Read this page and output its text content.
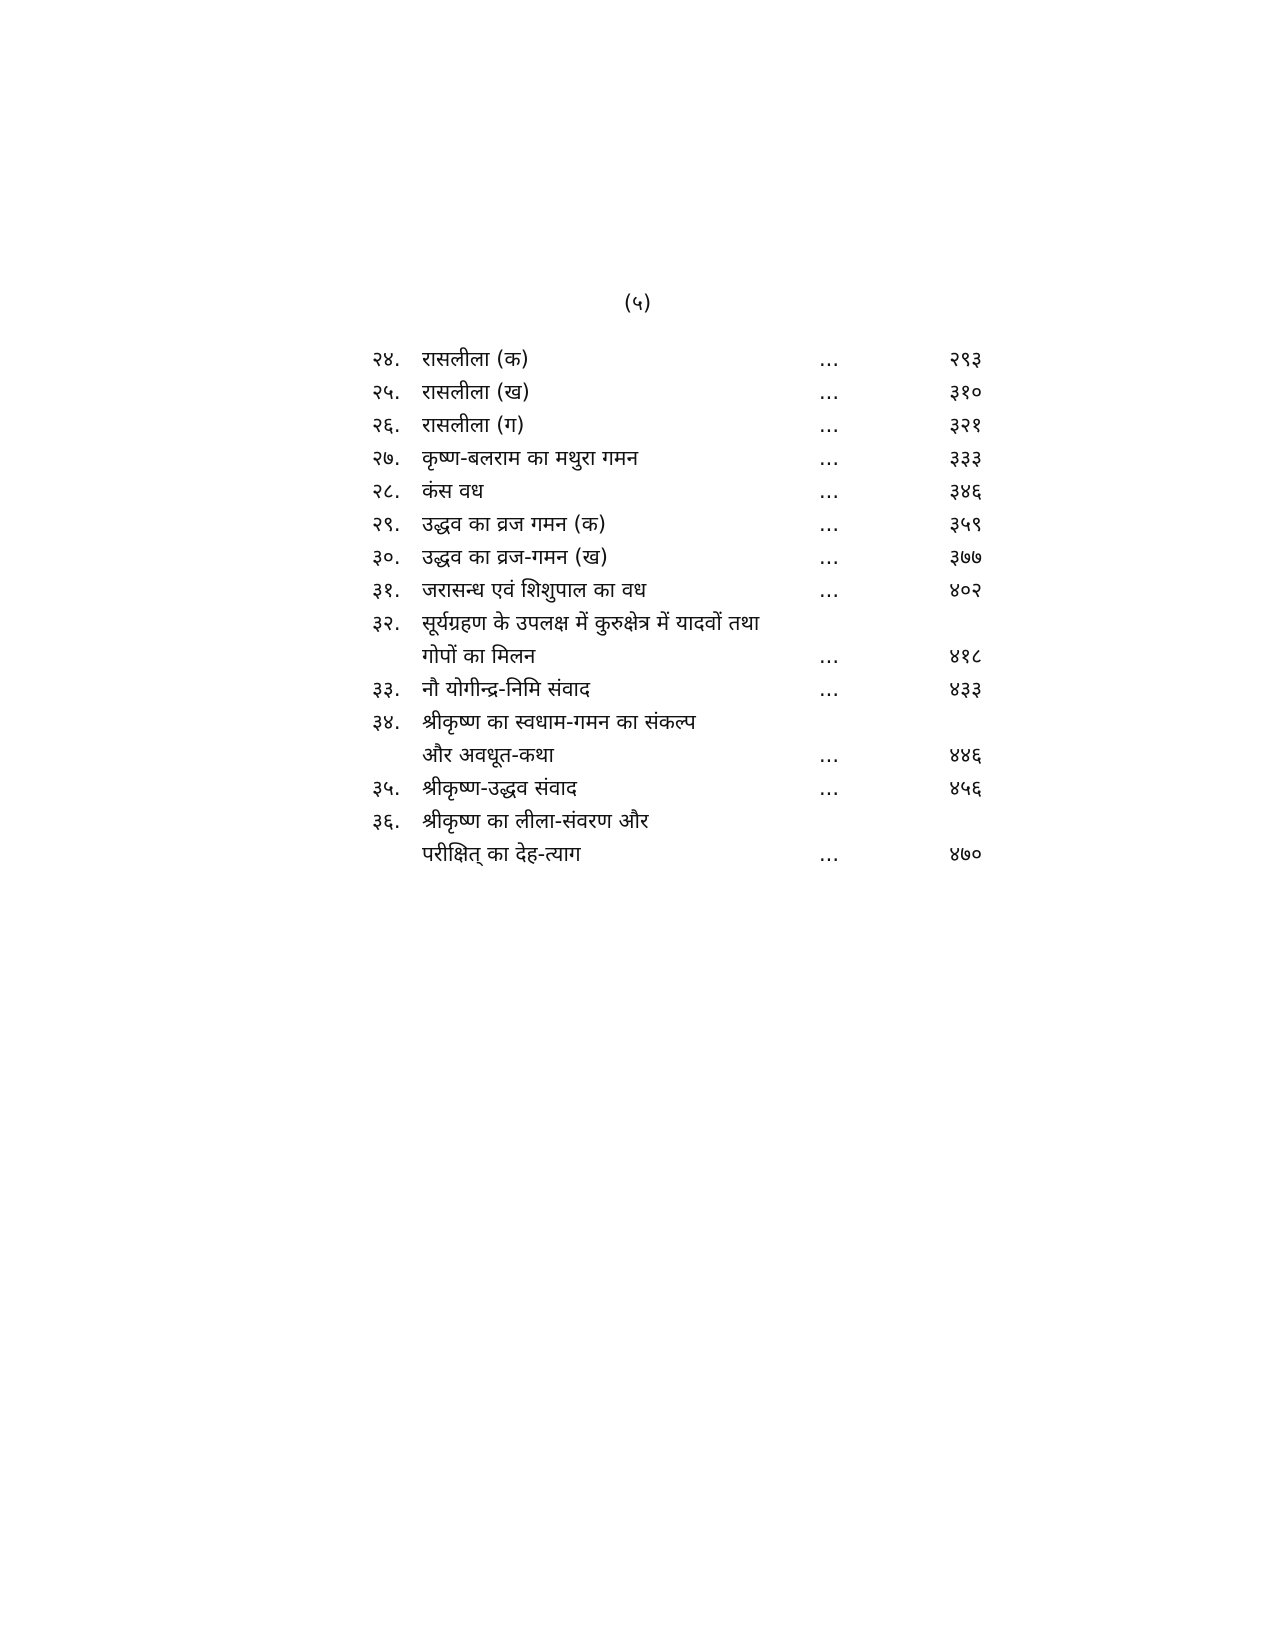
(५)
२४.	रासलीला (क)	...	२९३
२५.	रासलीला (ख)	...	३१०
२६.	रासलीला (ग)	...	३२१
२७.	कृष्ण-बलराम का मथुरा गमन	...	३३३
२८.	कंस वध	...	३४६
२९.	उद्धव का व्रज गमन (क)	...	३५९
३०.	उद्धव का व्रज-गमन (ख)	...	३७७
३१.	जरासन्ध एवं शिशुपाल का वध	...	४०२
३२.	सूर्यग्रहण के उपलक्ष में कुरुक्षेत्र में यादवों तथा
गोपों का मिलन	...	४१८
३३.	नौ योगीन्द्र-निमि संवाद	...	४३३
३४.	श्रीकृष्ण का स्वधाम-गमन का संकल्प
और अवधूत-कथा	...	४४६
३५.	श्रीकृष्ण-उद्धव संवाद	...	४५६
३६.	श्रीकृष्ण का लीला-संवरण और
परीक्षित् का देह-त्याग	...	४७०
